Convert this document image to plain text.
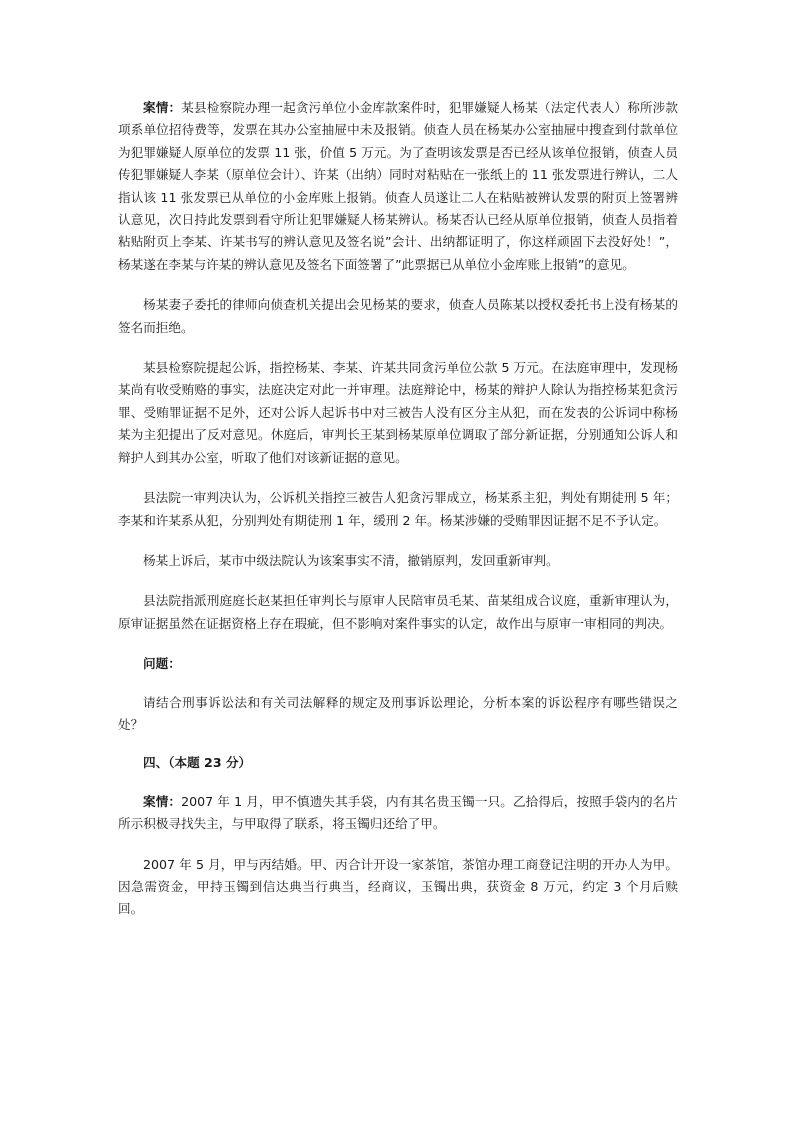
案情：某县检察院办理一起贪污单位小金库款案件时，犯罪嫌疑人杨某（法定代表人）称所涉款项系单位招待费等，发票在其办公室抽屉中未及报销。侦查人员在杨某办公室抽屉中搜查到付款单位为犯罪嫌疑人原单位的发票 11 张，价值 5 万元。为了查明该发票是否已经从该单位报销，侦查人员传犯罪嫌疑人李某（原单位会计）、许某（出纳）同时对粘贴在一张纸上的 11 张发票进行辨认，二人指认该 11 张发票已从单位的小金库账上报销。侦查人员遂让二人在粘贴被辨认发票的附页上签署辨认意见，次日持此发票到看守所让犯罪嫌疑人杨某辨认。杨某否认已经从原单位报销，侦查人员指着粘贴附页上李某、许某书写的辨认意见及签名说”会计、出纳都证明了，你这样顽固下去没好处！”，杨某遂在李某与许某的辨认意见及签名下面签署了”此票据已从单位小金库账上报销”的意见。

杨某妻子委托的律师向侦查机关提出会见杨某的要求，侦查人员陈某以授权委托书上没有杨某的签名而拒绝。

某县检察院提起公诉，指控杨某、李某、许某共同贪污单位公款 5 万元。在法庭审理中，发现杨某尚有收受贿赂的事实，法庭决定对此一并审理。法庭辩论中，杨某的辩护人除认为指控杨某犯贪污罪、受贿罪证据不足外，还对公诉人起诉书中对三被告人没有区分主从犯，而在发表的公诉词中称杨某为主犯提出了反对意见。休庭后，审判长王某到杨某原单位调取了部分新证据，分别通知公诉人和辩护人到其办公室，听取了他们对该新证据的意见。

县法院一审判决认为，公诉机关指控三被告人犯贪污罪成立，杨某系主犯，判处有期徒刑 5 年；李某和许某系从犯，分别判处有期徒刑 1 年，缓刑 2 年。杨某涉嫌的受贿罪因证据不足不予认定。

杨某上诉后，某市中级法院认为该案事实不清，撤销原判，发回重新审判。

县法院指派刑庭庭长赵某担任审判长与原审人民陪审员毛某、苗某组成合议庭，重新审理认为，原审证据虽然在证据资格上存在瑕疵，但不影响对案件事实的认定，故作出与原审一审相同的判决。

问题：

请结合刑事诉讼法和有关司法解释的规定及刑事诉讼理论，分析本案的诉讼程序有哪些错误之处？

四、（本题 23 分）

案情：2007 年 1 月，甲不慎遗失其手袋，内有其名贵玉镯一只。乙拾得后，按照手袋内的名片所示积极寻找失主，与甲取得了联系，将玉镯归还给了甲。

2007 年 5 月，甲与丙结婚。甲、丙合计开设一家茶馆，茶馆办理工商登记注明的开办人为甲。因急需资金，甲持玉镯到信达典当行典当，经商议，玉镯出典，获资金 8 万元，约定 3 个月后赎回。
